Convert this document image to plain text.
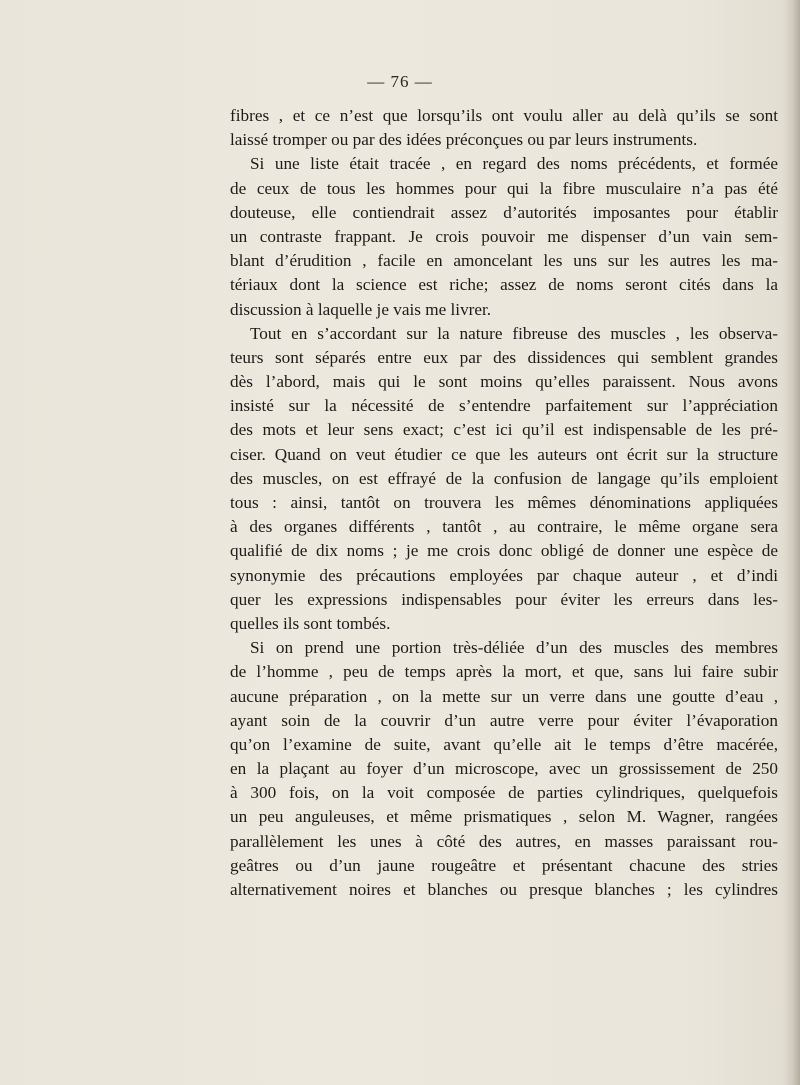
— 76 —
fibres , et ce n’est que lorsqu’ils ont voulu aller au delà qu’ils se sont
laissé tromper ou par des idées préconçues ou par leurs instruments.
Si une liste était tracée , en regard des noms précédents, et formée
de ceux de tous les hommes pour qui la fibre musculaire n’a pas été
douteuse, elle contiendrait assez d’autorités imposantes pour établir
un contraste frappant. Je crois pouvoir me dispenser d’un vain sem-
blant d’érudition , facile en amoncelant les uns sur les autres les ma-
tériaux dont la science est riche; assez de noms seront cités dans la
discussion à laquelle je vais me livrer.
Tout en s’accordant sur la nature fibreuse des muscles , les observa-
teurs sont séparés entre eux par des dissidences qui semblent grandes
dès l’abord, mais qui le sont moins qu’elles paraissent. Nous avons
insisté sur la nécessité de s’entendre parfaitement sur l’appréciation
des mots et leur sens exact; c’est ici qu’il est indispensable de les pré-
ciser. Quand on veut étudier ce que les auteurs ont écrit sur la structure
des muscles, on est effrayé de la confusion de langage qu’ils emploient
tous : ainsi, tantôt on trouvera les mêmes dénominations appliquées
à des organes différents , tantôt , au contraire, le même organe sera
qualifié de dix noms ; je me crois donc obligé de donner une espèce de
synonymie des précautions employées par chaque auteur , et d’indi
quer les expressions indispensables pour éviter les erreurs dans les-
quelles ils sont tombés.
Si on prend une portion très-déliée d’un des muscles des membres
de l’homme , peu de temps après la mort, et que, sans lui faire subir
aucune préparation , on la mette sur un verre dans une goutte d’eau ,
ayant soin de la couvrir d’un autre verre pour éviter l’évaporation
qu’on l’examine de suite, avant qu’elle ait le temps d’être macérée,
en la plaçant au foyer d’un microscope, avec un grossissement de 250
à 300 fois, on la voit composée de parties cylindriques, quelquefois
un peu anguleuses, et même prismatiques , selon M. Wagner, rangées
parallèlement les unes à côté des autres, en masses paraissant rou-
geâtres ou d’un jaune rougeâtre et présentant chacune des stries
alternativement noires et blanches ou presque blanches ; les cylindres
